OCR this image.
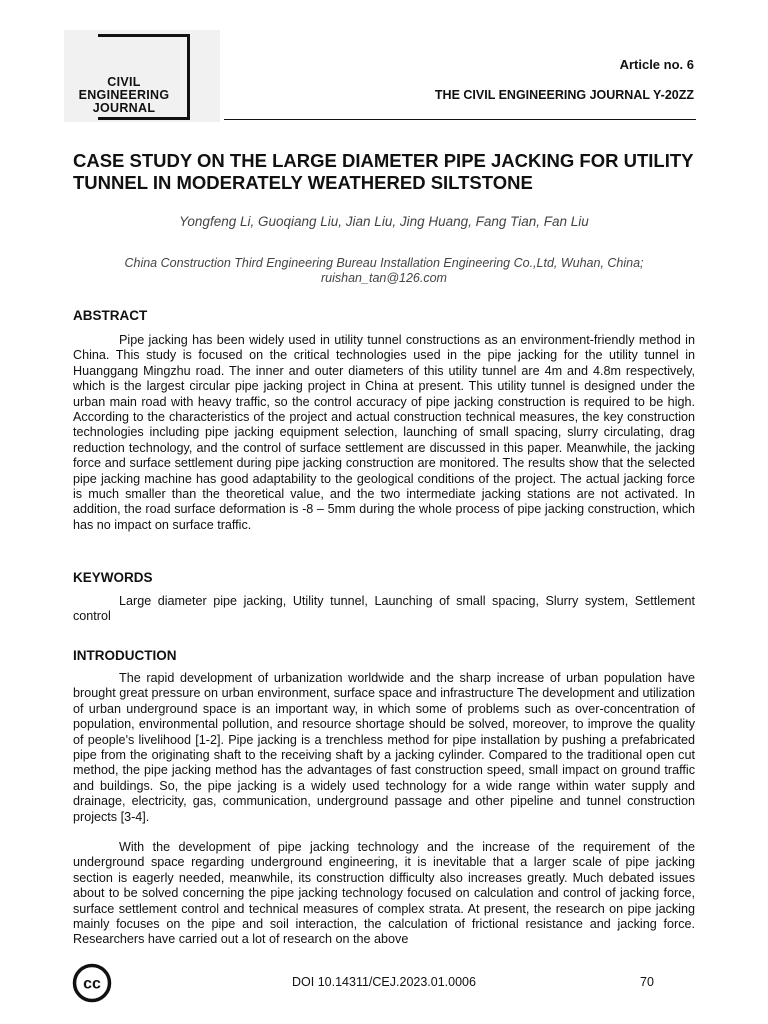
CIVIL
ENGINEERING
JOURNAL
Article no. 6
THE CIVIL ENGINEERING JOURNAL Y-20ZZ
CASE STUDY ON THE LARGE DIAMETER PIPE JACKING FOR UTILITY TUNNEL IN MODERATELY WEATHERED SILTSTONE
Yongfeng Li, Guoqiang Liu, Jian Liu, Jing Huang, Fang Tian, Fan Liu
China Construction Third Engineering Bureau Installation Engineering Co.,Ltd, Wuhan, China;
ruishan_tan@126.com
ABSTRACT

Pipe jacking has been widely used in utility tunnel constructions as an environment-friendly method in China. This study is focused on the critical technologies used in the pipe jacking for the utility tunnel in Huanggang Mingzhu road. The inner and outer diameters of this utility tunnel are 4m and 4.8m respectively, which is the largest circular pipe jacking project in China at present. This utility tunnel is designed under the urban main road with heavy traffic, so the control accuracy of pipe jacking construction is required to be high. According to the characteristics of the project and actual construction technical measures, the key construction technologies including pipe jacking equipment selection, launching of small spacing, slurry circulating, drag reduction technology, and the control of surface settlement are discussed in this paper. Meanwhile, the jacking force and surface settlement during pipe jacking construction are monitored. The results show that the selected pipe jacking machine has good adaptability to the geological conditions of the project. The actual jacking force is much smaller than the theoretical value, and the two intermediate jacking stations are not activated. In addition, the road surface deformation is -8 – 5mm during the whole process of pipe jacking construction, which has no impact on surface traffic.

KEYWORDS

Large diameter pipe jacking, Utility tunnel, Launching of small spacing, Slurry system, Settlement control

INTRODUCTION

The rapid development of urbanization worldwide and the sharp increase of urban population have brought great pressure on urban environment, surface space and infrastructure The development and utilization of urban underground space is an important way, in which some of problems such as over-concentration of population, environmental pollution, and resource shortage should be solved, moreover, to improve the quality of people's livelihood [1-2]. Pipe jacking is a trenchless method for pipe installation by pushing a prefabricated pipe from the originating shaft to the receiving shaft by a jacking cylinder. Compared to the traditional open cut method, the pipe jacking method has the advantages of fast construction speed, small impact on ground traffic and buildings. So, the pipe jacking is a widely used technology for a wide range within water supply and drainage, electricity, gas, communication, underground passage and other pipeline and tunnel construction projects [3-4].

With the development of pipe jacking technology and the increase of the requirement of the underground space regarding underground engineering, it is inevitable that a larger scale of pipe jacking section is eagerly needed, meanwhile, its construction difficulty also increases greatly. Much debated issues about to be solved concerning the pipe jacking technology focused on calculation and control of jacking force, surface settlement control and technical measures of complex strata. At present, the research on pipe jacking mainly focuses on the pipe and soil interaction, the calculation of frictional resistance and jacking force. Researchers have carried out a lot of research on the above

cc	DOI 10.14311/CEJ.2023.01.0006	70
